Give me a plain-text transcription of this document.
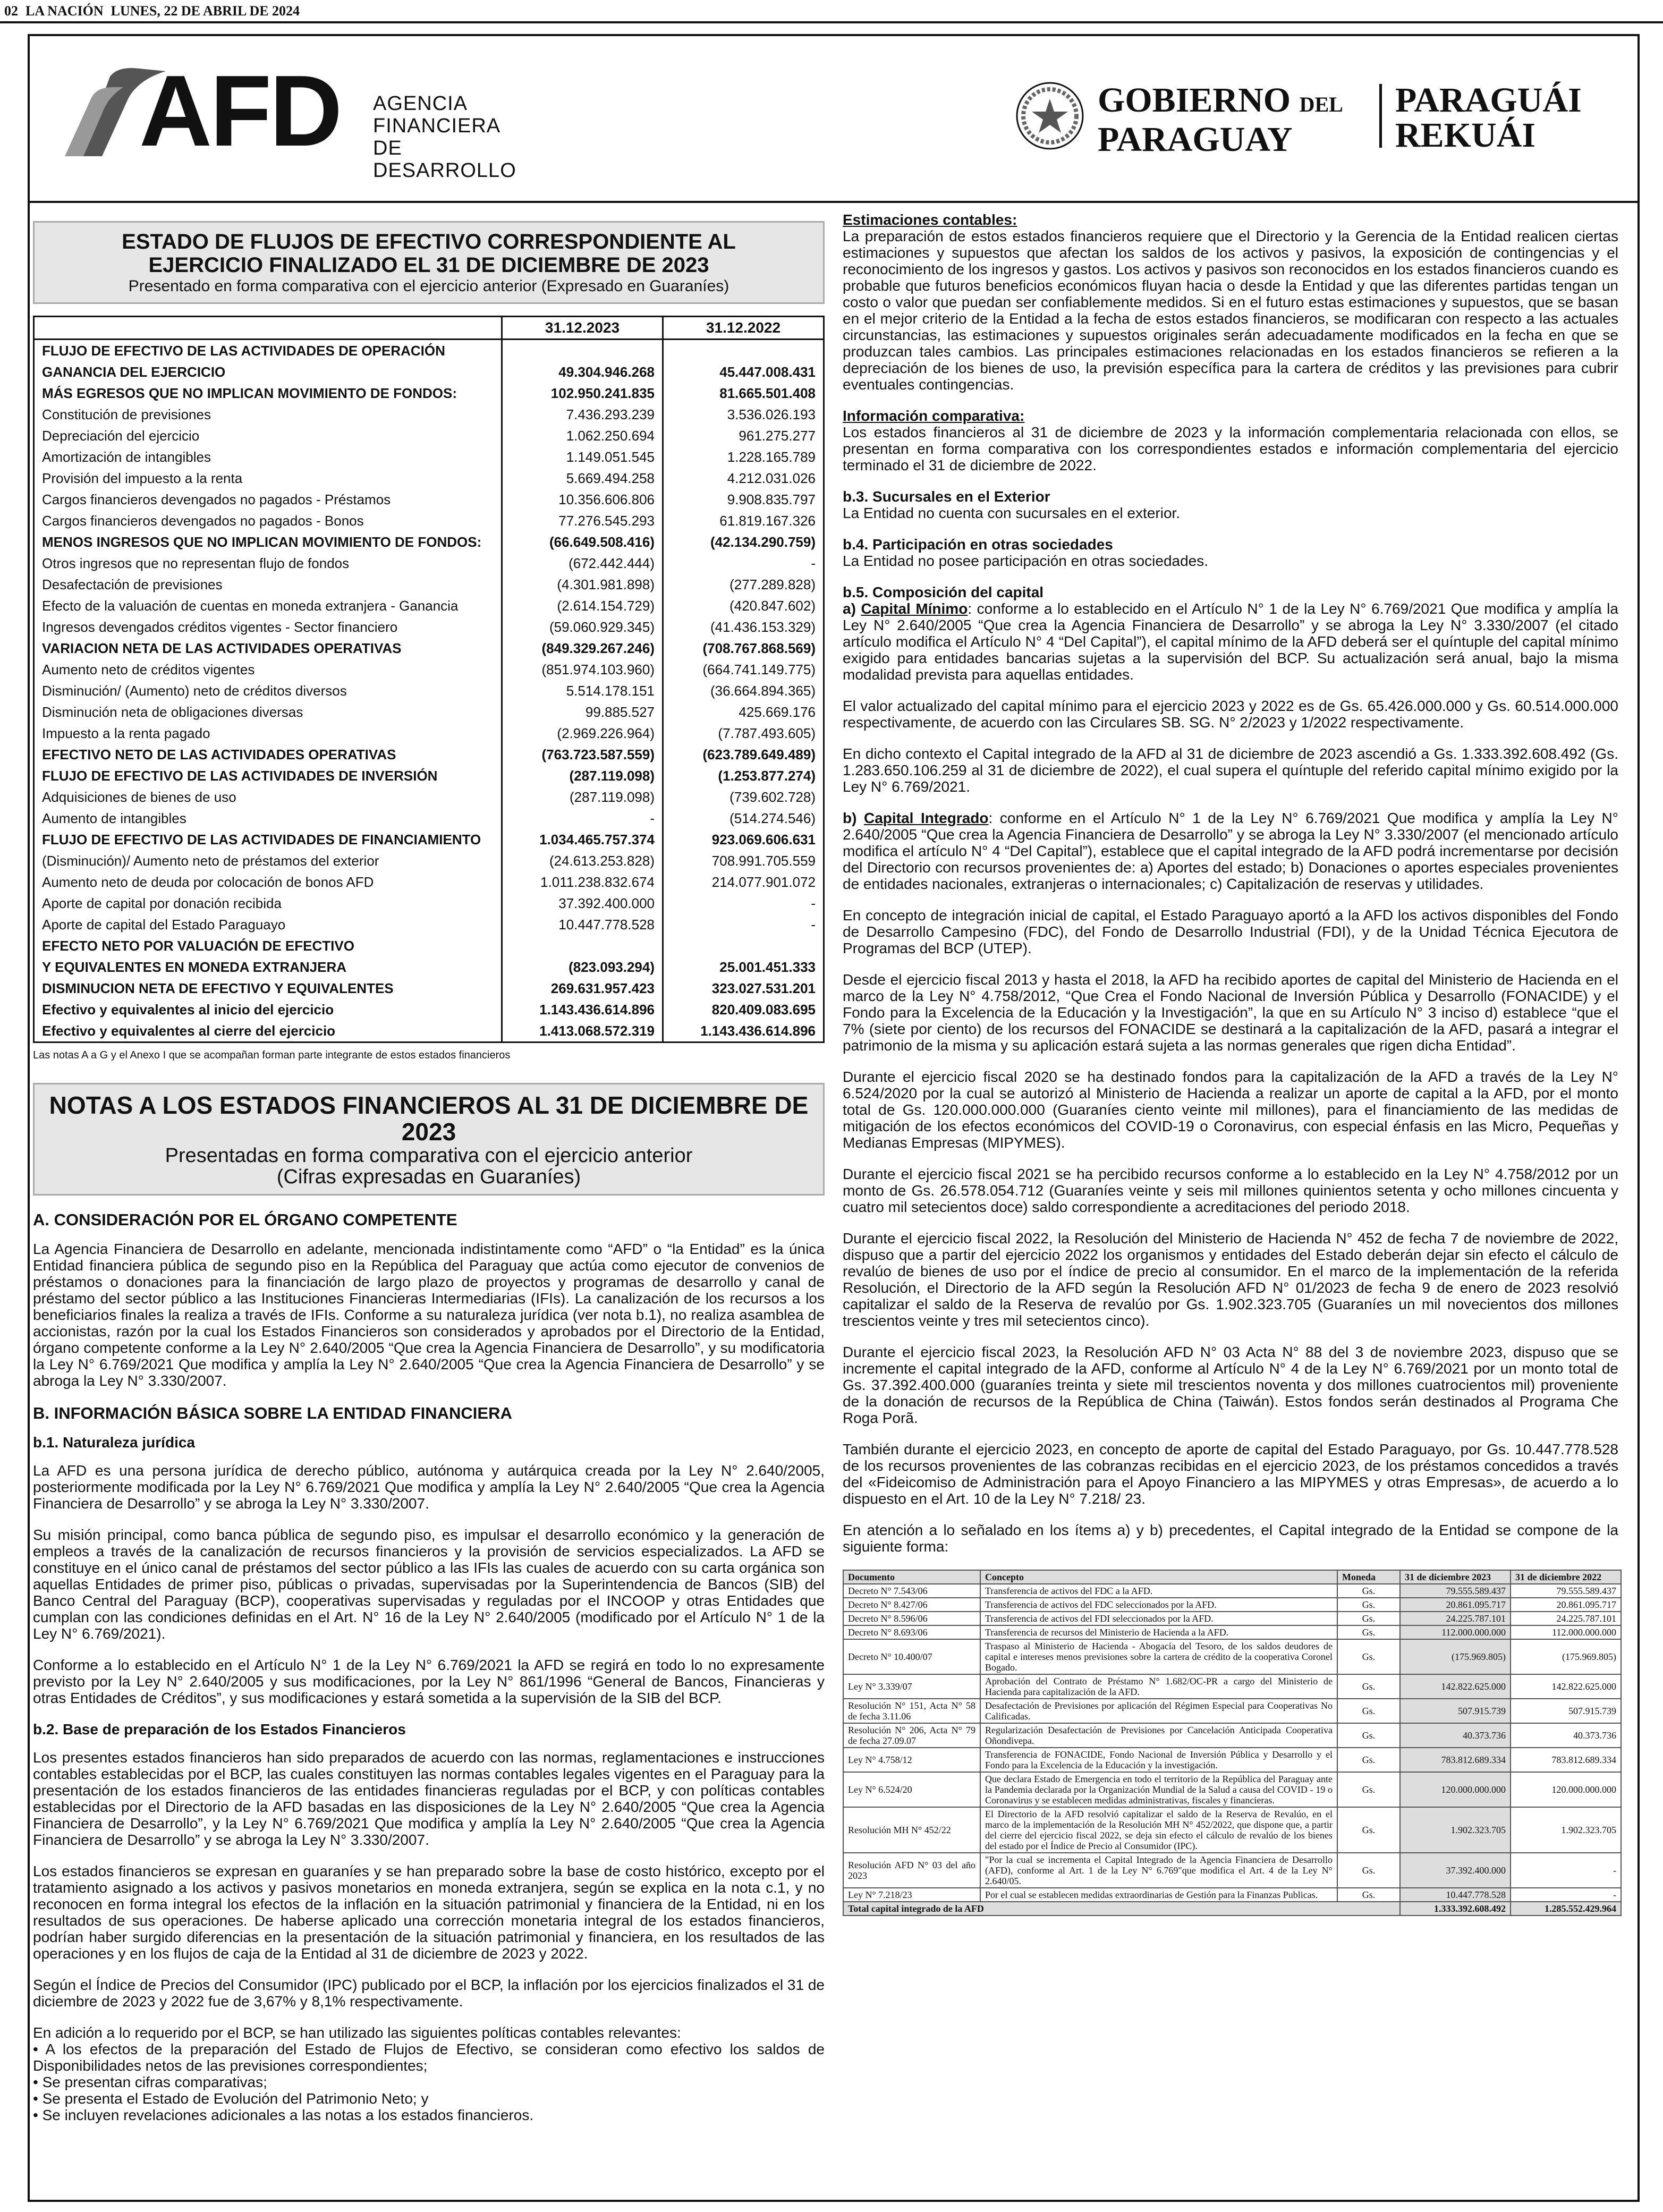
02 LA NACIÓN LUNES, 22 DE ABRIL DE 2024
AFD AGENCIA
FINANCIERA
DE DESARROLLO
GOBIERNO DEL
PARAGUAY
PARAGUÁI
REKUÁI
ESTADO DE FLUJOS DE EFECTIVO CORRESPONDIENTE AL
EJERCICIO FINALIZADO EL 31 DE DICIEMBRE DE 2023
Presentado en forma comparativa con el ejercicio anterior (Expresado en Guaraníes)
	31.12.2023	31.12.2022
FLUJO DE EFECTIVO DE LAS ACTIVIDADES DE OPERACIÓN		
GANANCIA DEL EJERCICIO	49.304.946.268	45.447.008.431
MÁS EGRESOS QUE NO IMPLICAN MOVIMIENTO DE FONDOS:	102.950.241.835	81.665.501.408
Constitución de previsiones	7.436.293.239	3.536.026.193
Depreciación del ejercicio	1.062.250.694	961.275.277
Amortización de intangibles	1.149.051.545	1.228.165.789
Provisión del impuesto a la renta	5.669.494.258	4.212.031.026
Cargos financieros devengados no pagados - Préstamos	10.356.606.806	9.908.835.797
Cargos financieros devengados no pagados - Bonos	77.276.545.293	61.819.167.326
MENOS INGRESOS QUE NO IMPLICAN MOVIMIENTO DE FONDOS:	(66.649.508.416)	(42.134.290.759)
Otros ingresos que no representan flujo de fondos	(672.442.444)	-
Desafectación de previsiones	(4.301.981.898)	(277.289.828)
Efecto de la valuación de cuentas en moneda extranjera - Ganancia	(2.614.154.729)	(420.847.602)
Ingresos devengados créditos vigentes - Sector financiero	(59.060.929.345)	(41.436.153.329)
VARIACION NETA DE LAS ACTIVIDADES OPERATIVAS	(849.329.267.246)	(708.767.868.569)
Aumento neto de créditos vigentes	(851.974.103.960)	(664.741.149.775)
Disminución/ (Aumento) neto de créditos diversos	5.514.178.151	(36.664.894.365)
Disminución neta de obligaciones diversas	99.885.527	425.669.176
Impuesto a la renta pagado	(2.969.226.964)	(7.787.493.605)
EFECTIVO NETO DE LAS ACTIVIDADES OPERATIVAS	(763.723.587.559)	(623.789.649.489)
FLUJO DE EFECTIVO DE LAS ACTIVIDADES DE INVERSIÓN	(287.119.098)	(1.253.877.274)
Adquisiciones de bienes de uso	(287.119.098)	(739.602.728)
Aumento de intangibles	-	(514.274.546)
FLUJO DE EFECTIVO DE LAS ACTIVIDADES DE FINANCIAMIENTO	1.034.465.757.374	923.069.606.631
(Disminución)/ Aumento neto de préstamos del exterior	(24.613.253.828)	708.991.705.559
Aumento neto de deuda por colocación de bonos AFD	1.011.238.832.674	214.077.901.072
Aporte de capital por donación recibida	37.392.400.000	-
Aporte de capital del Estado Paraguayo	10.447.778.528	-
EFECTO NETO POR VALUACIÓN DE EFECTIVO		
Y EQUIVALENTES EN MONEDA EXTRANJERA	(823.093.294)	25.001.451.333
DISMINUCION NETA DE EFECTIVO Y EQUIVALENTES	269.631.957.423	323.027.531.201
Efectivo y equivalentes al inicio del ejercicio	1.143.436.614.896	820.409.083.695
Efectivo y equivalentes al cierre del ejercicio	1.413.068.572.319	1.143.436.614.896
Las notas A a G y el Anexo I que se acompañan forman parte integrante de estos estados financieros
NOTAS A LOS ESTADOS FINANCIEROS AL 31 DE DICIEMBRE DE 2023
Presentadas en forma comparativa con el ejercicio anterior
(Cifras expresadas en Guaraníes)
A. CONSIDERACIÓN POR EL ÓRGANO COMPETENTE

La Agencia Financiera de Desarrollo en adelante, mencionada indistintamente como “AFD” o “la Entidad” es la única Entidad financiera pública de segundo piso en la República del Paraguay que actúa como ejecutor de convenios de préstamos o donaciones para la financiación de largo plazo de proyectos y programas de desarrollo y canal de préstamo del sector público a las Instituciones Financieras Intermediarias (IFIs). La canalización de los recursos a los beneficiarios finales la realiza a través de IFIs. Conforme a su naturaleza jurídica (ver nota b.1), no realiza asamblea de accionistas, razón por la cual los Estados Financieros son considerados y aprobados por el Directorio de la Entidad, órgano competente conforme a la Ley N° 2.640/2005 “Que crea la Agencia Financiera de Desarrollo”, y su modificatoria la Ley N° 6.769/2021 Que modifica y amplía la Ley N° 2.640/2005 “Que crea la Agencia Financiera de Desarrollo” y se abroga la Ley N° 3.330/2007.

B. INFORMACIÓN BÁSICA SOBRE LA ENTIDAD FINANCIERA
b.1. Naturaleza jurídica

La AFD es una persona jurídica de derecho público, autónoma y autárquica creada por la Ley N° 2.640/2005, posteriormente modificada por la Ley N° 6.769/2021 Que modifica y amplía la Ley N° 2.640/2005 “Que crea la Agencia Financiera de Desarrollo” y se abroga la Ley N° 3.330/2007.

Su misión principal, como banca pública de segundo piso, es impulsar el desarrollo económico y la generación de empleos a través de la canalización de recursos financieros y la provisión de servicios especializados. La AFD se constituye en el único canal de préstamos del sector público a las IFIs las cuales de acuerdo con su carta orgánica son aquellas Entidades de primer piso, públicas o privadas, supervisadas por la Superintendencia de Bancos (SIB) del Banco Central del Paraguay (BCP), cooperativas supervisadas y reguladas por el INCOOP y otras Entidades que cumplan con las condiciones definidas en el Art. N° 16 de la Ley N° 2.640/2005 (modificado por el Artículo N° 1 de la Ley N° 6.769/2021).

Conforme a lo establecido en el Artículo N° 1 de la Ley N° 6.769/2021 la AFD se regirá en todo lo no expresamente previsto por la Ley N° 2.640/2005 y sus modificaciones, por la Ley N° 861/1996 “General de Bancos, Financieras y otras Entidades de Créditos”, y sus modificaciones y estará sometida a la supervisión de la SIB del BCP.

b.2. Base de preparación de los Estados Financieros

Los presentes estados financieros han sido preparados de acuerdo con las normas, reglamentaciones e instrucciones contables establecidas por el BCP, las cuales constituyen las normas contables legales vigentes en el Paraguay para la presentación de los estados financieros de las entidades financieras reguladas por el BCP, y con políticas contables establecidas por el Directorio de la AFD basadas en las disposiciones de la Ley N° 2.640/2005 “Que crea la Agencia Financiera de Desarrollo”, y la Ley N° 6.769/2021 Que modifica y amplía la Ley N° 2.640/2005 “Que crea la Agencia Financiera de Desarrollo” y se abroga la Ley N° 3.330/2007.

Los estados financieros se expresan en guaraníes y se han preparado sobre la base de costo histórico, excepto por el tratamiento asignado a los activos y pasivos monetarios en moneda extranjera, según se explica en la nota c.1, y no reconocen en forma integral los efectos de la inflación en la situación patrimonial y financiera de la Entidad, ni en los resultados de sus operaciones. De haberse aplicado una corrección monetaria integral de los estados financieros, podrían haber surgido diferencias en la presentación de la situación patrimonial y financiera, en los resultados de las operaciones y en los flujos de caja de la Entidad al 31 de diciembre de 2023 y 2022.

Según el Índice de Precios del Consumidor (IPC) publicado por el BCP, la inflación por los ejercicios finalizados el 31 de diciembre de 2023 y 2022 fue de 3,67% y 8,1% respectivamente.

En adición a lo requerido por el BCP, se han utilizado las siguientes políticas contables relevantes:

• A los efectos de la preparación del Estado de Flujos de Efectivo, se consideran como efectivo los saldos de Disponibilidades netos de las previsiones correspondientes;
• Se presentan cifras comparativas;
• Se presenta el Estado de Evolución del Patrimonio Neto; y
• Se incluyen revelaciones adicionales a las notas a los estados financieros.
Estimaciones contables:

La preparación de estos estados financieros requiere que el Directorio y la Gerencia de la Entidad realicen ciertas estimaciones y supuestos que afectan los saldos de los activos y pasivos, la exposición de contingencias y el reconocimiento de los ingresos y gastos. Los activos y pasivos son reconocidos en los estados financieros cuando es probable que futuros beneficios económicos fluyan hacia o desde la Entidad y que las diferentes partidas tengan un costo o valor que puedan ser confiablemente medidos. Si en el futuro estas estimaciones y supuestos, que se basan en el mejor criterio de la Entidad a la fecha de estos estados financieros, se modificaran con respecto a las actuales circunstancias, las estimaciones y supuestos originales serán adecuadamente modificados en la fecha en que se produzcan tales cambios. Las principales estimaciones relacionadas en los estados financieros se refieren a la depreciación de los bienes de uso, la previsión específica para la cartera de créditos y las previsiones para cubrir eventuales contingencias.

Información comparativa:

Los estados financieros al 31 de diciembre de 2023 y la información complementaria relacionada con ellos, se presentan en forma comparativa con los correspondientes estados e información complementaria del ejercicio terminado el 31 de diciembre de 2022.

b.3. Sucursales en el Exterior

La Entidad no cuenta con sucursales en el exterior.

b.4. Participación en otras sociedades

La Entidad no posee participación en otras sociedades.

b.5. Composición del capital

a) Capital Mínimo: conforme a lo establecido en el Artículo N° 1 de la Ley N° 6.769/2021 Que modifica y amplía la Ley N° 2.640/2005 “Que crea la Agencia Financiera de Desarrollo” y se abroga la Ley N° 3.330/2007 (el citado artículo modifica el Artículo N° 4 “Del Capital”), el capital mínimo de la AFD deberá ser el quíntuple del capital mínimo exigido para entidades bancarias sujetas a la supervisión del BCP. Su actualización será anual, bajo la misma modalidad prevista para aquellas entidades.

El valor actualizado del capital mínimo para el ejercicio 2023 y 2022 es de Gs. 65.426.000.000 y Gs. 60.514.000.000 respectivamente, de acuerdo con las Circulares SB. SG. N° 2/2023 y 1/2022 respectivamente.

En dicho contexto el Capital integrado de la AFD al 31 de diciembre de 2023 ascendió a Gs. 1.333.392.608.492 (Gs. 1.283.650.106.259 al 31 de diciembre de 2022), el cual supera el quíntuple del referido capital mínimo exigido por la Ley N° 6.769/2021.

b) Capital Integrado: conforme en el Artículo N° 1 de la Ley N° 6.769/2021 Que modifica y amplía la Ley N° 2.640/2005 “Que crea la Agencia Financiera de Desarrollo” y se abroga la Ley N° 3.330/2007 (el mencionado artículo modifica el artículo N° 4 “Del Capital”), establece que el capital integrado de la AFD podrá incrementarse por decisión del Directorio con recursos provenientes de: a) Aportes del estado; b) Donaciones o aportes especiales provenientes de entidades nacionales, extranjeras o internacionales; c) Capitalización de reservas y utilidades.

En concepto de integración inicial de capital, el Estado Paraguayo aportó a la AFD los activos disponibles del Fondo de Desarrollo Campesino (FDC), del Fondo de Desarrollo Industrial (FDI), y de la Unidad Técnica Ejecutora de Programas del BCP (UTEP).

Desde el ejercicio fiscal 2013 y hasta el 2018, la AFD ha recibido aportes de capital del Ministerio de Hacienda en el marco de la Ley N° 4.758/2012, “Que Crea el Fondo Nacional de Inversión Pública y Desarrollo (FONACIDE) y el Fondo para la Excelencia de la Educación y la Investigación”, la que en su Artículo N° 3 inciso d) establece “que el 7% (siete por ciento) de los recursos del FONACIDE se destinará a la capitalización de la AFD, pasará a integrar el patrimonio de la misma y su aplicación estará sujeta a las normas generales que rigen dicha Entidad”.

Durante el ejercicio fiscal 2020 se ha destinado fondos para la capitalización de la AFD a través de la Ley N° 6.524/2020 por la cual se autorizó al Ministerio de Hacienda a realizar un aporte de capital a la AFD, por el monto total de Gs. 120.000.000.000 (Guaraníes ciento veinte mil millones), para el financiamiento de las medidas de mitigación de los efectos económicos del COVID-19 o Coronavirus, con especial énfasis en las Micro, Pequeñas y Medianas Empresas (MIPYMES).

Durante el ejercicio fiscal 2021 se ha percibido recursos conforme a lo establecido en la Ley N° 4.758/2012 por un monto de Gs. 26.578.054.712 (Guaraníes veinte y seis mil millones quinientos setenta y ocho millones cincuenta y cuatro mil setecientos doce) saldo correspondiente a acreditaciones del periodo 2018.

Durante el ejercicio fiscal 2022, la Resolución del Ministerio de Hacienda N° 452 de fecha 7 de noviembre de 2022, dispuso que a partir del ejercicio 2022 los organismos y entidades del Estado deberán dejar sin efecto el cálculo de revalúo de bienes de uso por el índice de precio al consumidor. En el marco de la implementación de la referida Resolución, el Directorio de la AFD según la Resolución AFD N° 01/2023 de fecha 9 de enero de 2023 resolvió capitalizar el saldo de la Reserva de revalúo por Gs. 1.902.323.705 (Guaraníes un mil novecientos dos millones trescientos veinte y tres mil setecientos cinco).

Durante el ejercicio fiscal 2023, la Resolución AFD N° 03 Acta N° 88 del 3 de noviembre 2023, dispuso que se incremente el capital integrado de la AFD, conforme al Artículo N° 4 de la Ley N° 6.769/2021 por un monto total de Gs. 37.392.400.000 (guaraníes treinta y siete mil trescientos noventa y dos millones cuatrocientos mil) proveniente de la donación de recursos de la República de China (Taiwán). Estos fondos serán destinados al Programa Che Roga Porã.

También durante el ejercicio 2023, en concepto de aporte de capital del Estado Paraguayo, por Gs. 10.447.778.528 de los recursos provenientes de las cobranzas recibidas en el ejercicio 2023, de los préstamos concedidos a través del «Fideicomiso de Administración para el Apoyo Financiero a las MIPYMES y otras Empresas», de acuerdo a lo dispuesto en el Art. 10 de la Ley N° 7.218/ 23.

En atención a lo señalado en los ítems a) y b) precedentes, el Capital integrado de la Entidad se compone de la siguiente forma:

Documento	Concepto	Moneda	31 de diciembre 2023	31 de diciembre 2022
Decreto N° 7.543/06	Transferencia de activos del FDC a la AFD.	Gs.	79.555.589.437	79.555.589.437
Decreto N° 8.427/06	Transferencia de activos del FDC seleccionados por la AFD.	Gs.	20.861.095.717	20.861.095.717
Decreto N° 8.596/06	Transferencia de activos del FDI seleccionados por la AFD.	Gs.	24.225.787.101	24.225.787.101
Decreto N° 8.693/06	Transferencia de recursos del Ministerio de Hacienda a la AFD.	Gs.	112.000.000.000	112.000.000.000
Decreto N° 10.400/07	Traspaso al Ministerio de Hacienda - Abogacía del Tesoro, de los saldos deudores de capital e intereses menos previsiones sobre la cartera de crédito de la cooperativa Coronel Bogado.	Gs.	(175.969.805)	(175.969.805)
Ley N° 3.339/07	Aprobación del Contrato de Préstamo N° 1.682/OC-PR a cargo del Ministerio de Hacienda para capitalización de la AFD.	Gs.	142.822.625.000	142.822.625.000
Resolución N° 151, Acta N° 58 de fecha 3.11.06	Desafectación de Previsiones por aplicación del Régimen Especial para Cooperativas No Calificadas.	Gs.	507.915.739	507.915.739
Resolución N° 206, Acta N° 79 de fecha 27.09.07	Regularización Desafectación de Previsiones por Cancelación Anticipada Cooperativa Oñondivepa.	Gs.	40.373.736	40.373.736
Ley N° 4.758/12	Transferencia de FONACIDE, Fondo Nacional de Inversión Pública y Desarrollo y el Fondo para la Excelencia de la Educación y la investigación.	Gs.	783.812.689.334	783.812.689.334
Ley N° 6.524/20	Que declara Estado de Emergencia en todo el territorio de la República del Paraguay ante la Pandemia declarada por la Organización Mundial de la Salud a causa del COVID - 19 o Coronavirus y se establecen medidas administrativas, fiscales y financieras.	Gs.	120.000.000.000	120.000.000.000
Resolución MH N° 452/22	El Directorio de la AFD resolvió capitalizar el saldo de la Reserva de Revalúo, en el marco de la implementación de la Resolución MH N° 452/2022, que dispone que, a partir del cierre del ejercicio fiscal 2022, se deja sin efecto el cálculo de revalúo de los bienes del estado por el Índice de Precio al Consumidor (IPC).	Gs.	1.902.323.705	1.902.323.705
Resolución AFD N° 03 del año 2023	"Por la cual se incrementa el Capital Integrado de la Agencia Financiera de Desarrollo (AFD), conforme al Art. 1 de la Ley N° 6.769"que modifica el Art. 4 de la Ley N° 2.640/05.	Gs.	37.392.400.000	-
Ley N° 7.218/23	Por el cual se establecen medidas extraordinarias de Gestión para la Finanzas Publicas.	Gs.	10.447.778.528	-
Total capital integrado de la AFD			1.333.392.608.492	1.285.552.429.964
